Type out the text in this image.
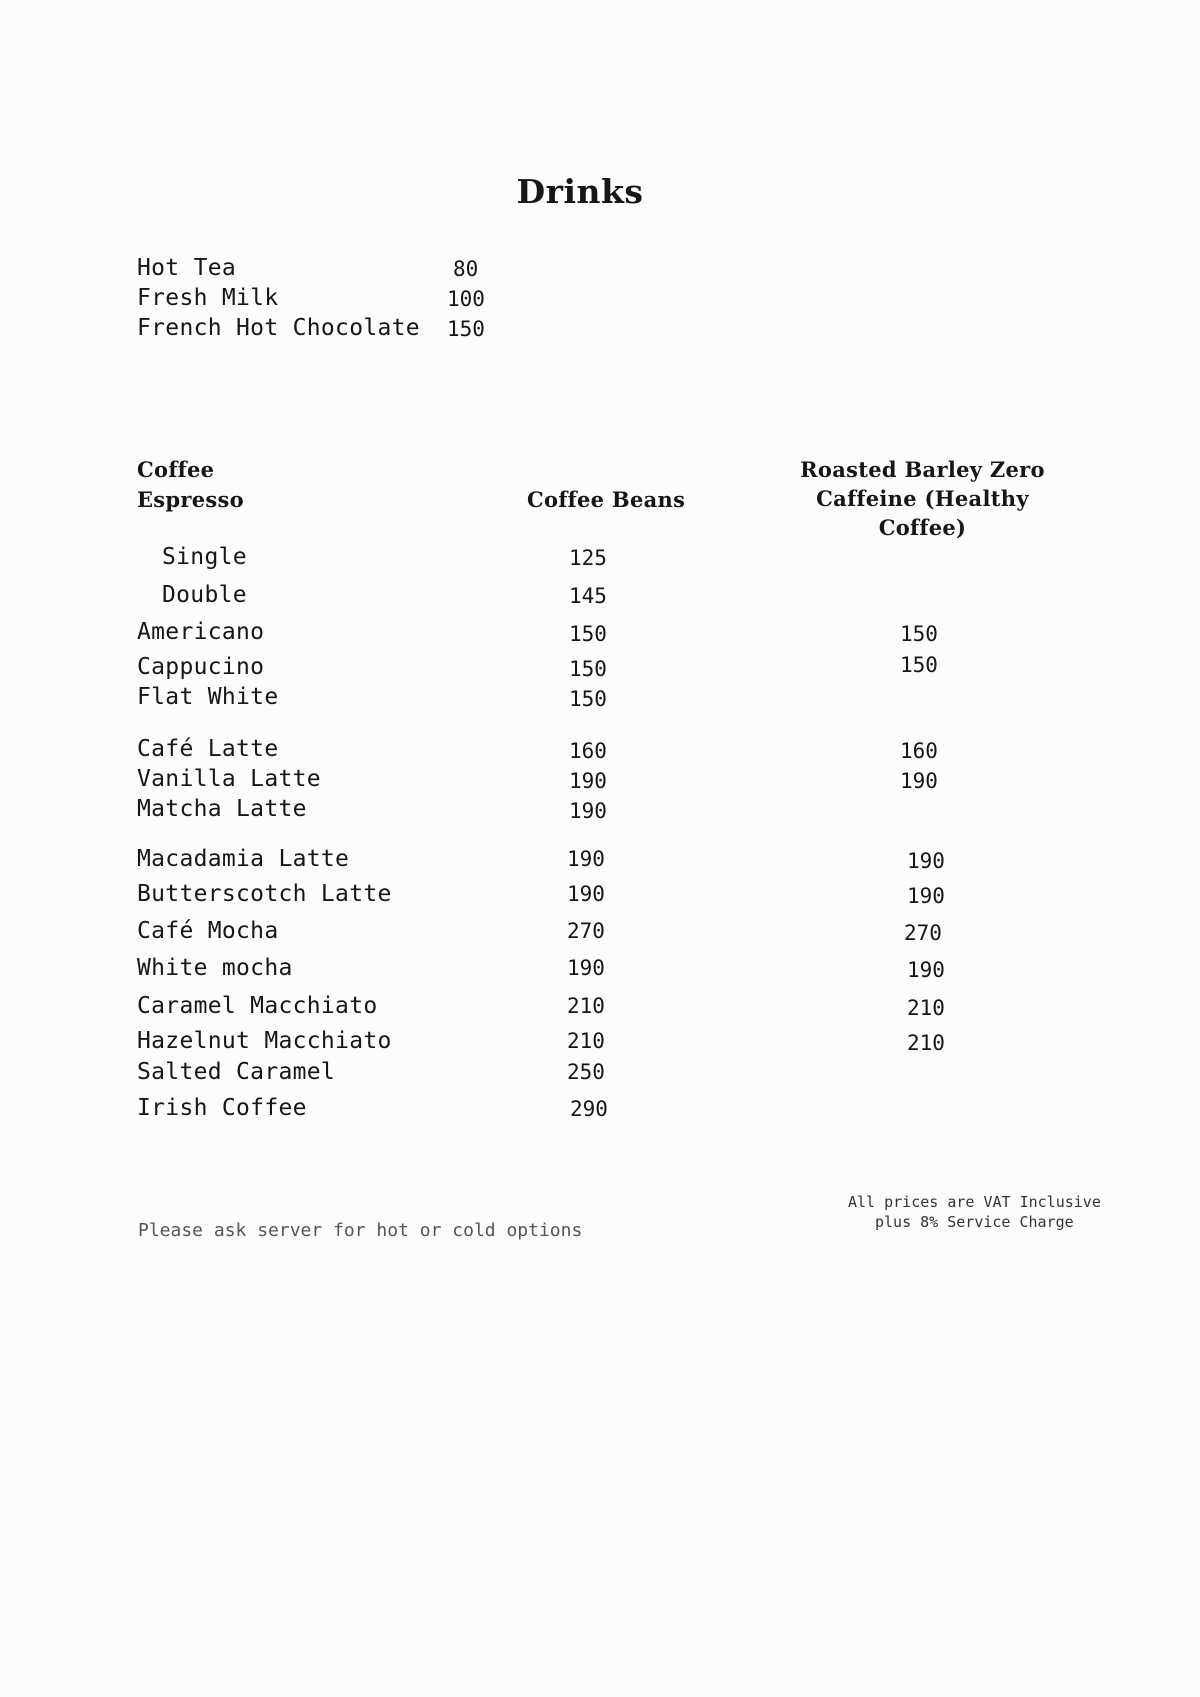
Drinks
Hot Tea	80
Fresh Milk	100
French Hot Chocolate 150
Coffee
Espresso	Coffee Beans
Roasted Barley Zero
Caffeine (Healthy
Coffee)
Single	125
Double	145
Americano	150	150
Cappucino	150	150
Flat White	150
Café Latte	160	160
Vanilla Latte	190	190
Matcha Latte	190
Macadamia Latte	190	190
Butterscotch Latte	190	190
Café Mocha	270	270
White mocha	190	190
Caramel Macchiato	210	210
Hazelnut Macchiato	210	210
Salted Caramel	250
Irish Coffee	290
Please ask server for hot or cold options
All prices are VAT Inclusive
plus 8% Service Charge
